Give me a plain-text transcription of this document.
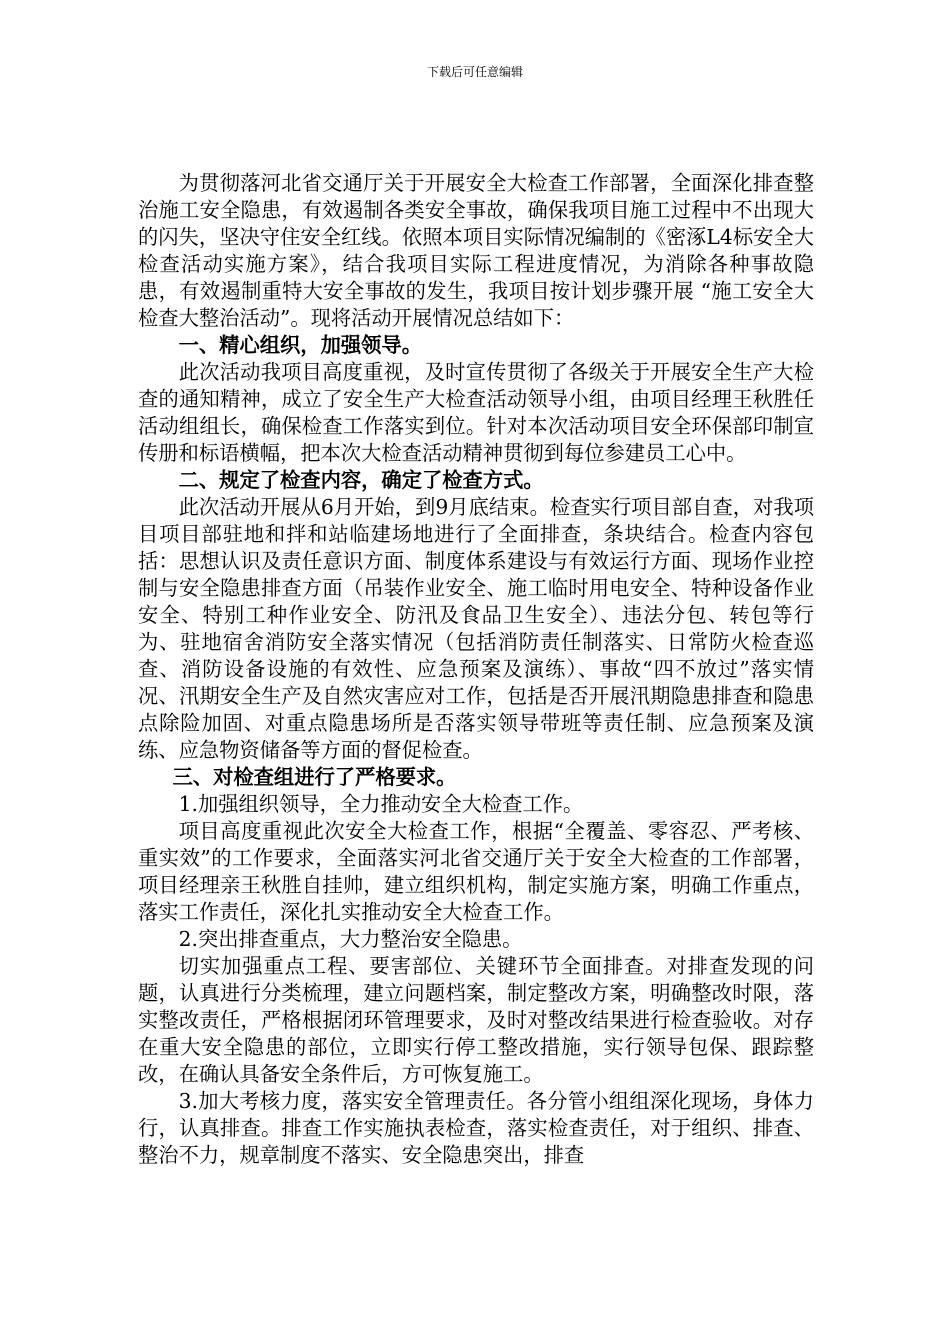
下载后可任意编辑

为贯彻落河北省交通厅关于开展安全大检查工作部署，全面深化排查整治施工安全隐患，有效遏制各类安全事故，确保我项目施工过程中不出现大的闪失，坚决守住安全红线。依照本项目实际情况编制的《密涿L4标安全大检查活动实施方案》，结合我项目实际工程进度情况，为消除各种事故隐患，有效遏制重特大安全事故的发生，我项目按计划步骤开展 “施工安全大检查大整治活动”。现将活动开展情况总结如下：

一、精心组织，加强领导。

此次活动我项目高度重视，及时宣传贯彻了各级关于开展安全生产大检查的通知精神，成立了安全生产大检查活动领导小组，由项目经理王秋胜任活动组组长，确保检查工作落实到位。针对本次活动项目安全环保部印制宣传册和标语横幅，把本次大检查活动精神贯彻到每位参建员工心中。

二、规定了检查内容，确定了检查方式。

此次活动开展从6月开始，到9月底结束。检查实行项目部自查，对我项目项目部驻地和拌和站临建场地进行了全面排查，条块结合。检查内容包括：思想认识及责任意识方面、制度体系建设与有效运行方面、现场作业控制与安全隐患排查方面（吊装作业安全、施工临时用电安全、特种设备作业安全、特别工种作业安全、防汛及食品卫生安全）、违法分包、转包等行为、驻地宿舍消防安全落实情况（包括消防责任制落实、日常防火检查巡查、消防设备设施的有效性、应急预案及演练）、事故“四不放过”落实情况、汛期安全生产及自然灾害应对工作，包括是否开展汛期隐患排查和隐患点除险加固、对重点隐患场所是否落实领导带班等责任制、应急预案及演练、应急物资储备等方面的督促检查。

三、对检查组进行了严格要求。

1.加强组织领导，全力推动安全大检查工作。

项目高度重视此次安全大检查工作，根据“全覆盖、零容忍、严考核、重实效”的工作要求，全面落实河北省交通厅关于安全大检查的工作部署，项目经理亲王秋胜自挂帅，建立组织机构，制定实施方案，明确工作重点，落实工作责任，深化扎实推动安全大检查工作。

2.突出排查重点，大力整治安全隐患。

切实加强重点工程、要害部位、关键环节全面排查。对排查发现的问题，认真进行分类梳理，建立问题档案，制定整改方案，明确整改时限，落实整改责任，严格根据闭环管理要求，及时对整改结果进行检查验收。对存在重大安全隐患的部位，立即实行停工整改措施，实行领导包保、跟踪整改，在确认具备安全条件后，方可恢复施工。

3.加大考核力度，落实安全管理责任。各分管小组组深化现场，身体力行，认真排查。排查工作实施执表检查，落实检查责任，对于组织、排查、整治不力，规章制度不落实、安全隐患突出，排查
